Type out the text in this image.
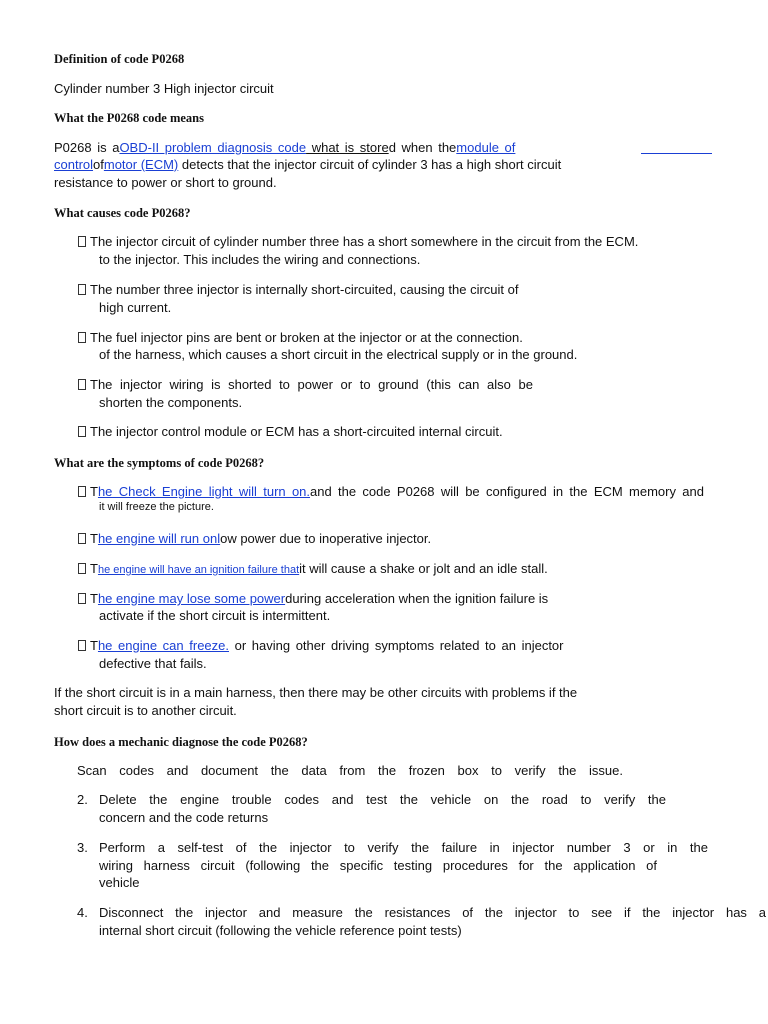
Definition of code P0268
Cylinder number 3 High injector circuit
What the P0268 code means
P0268 is aOBD-II problem diagnosis code what is stored when themodule of
controlofmotor (ECM) detects that the injector circuit of cylinder 3 has a high short circuit
resistance to power or short to ground.
What causes code P0268?
The injector circuit of cylinder number three has a short somewhere in the circuit from the ECM.
to the injector. This includes the wiring and connections.
The number three injector is internally short-circuited, causing the circuit of
high current.
The fuel injector pins are bent or broken at the injector or at the connection.
of the harness, which causes a short circuit in the electrical supply or in the ground.
The injector wiring is shorted to power or to ground (this can also be
shorten the components.
The injector control module or ECM has a short-circuited internal circuit.
What are the symptoms of code P0268?
The Check Engine light will turn on.and the code P0268 will be configured in the ECM memory and
it will freeze the picture.
The engine will run onlow power due to inoperative injector.
The engine will have an ignition failure thatit will cause a shake or jolt and an idle stall.
The engine may lose some powerduring acceleration when the ignition failure is
activate if the short circuit is intermittent.
The engine can freeze. or having other driving symptoms related to an injector
defective that fails.
If the short circuit is in a main harness, then there may be other circuits with problems if the
short circuit is to another circuit.
How does a mechanic diagnose the code P0268?
Scan codes and document the data from the frozen box to verify the issue.
2. Delete the engine trouble codes and test the vehicle on the road to verify the
concern and the code returns
3. Perform a self-test of the injector to verify the failure in injector number 3 or in the
wiring harness circuit (following the specific testing procedures for the application of
vehicle
4. Disconnect the injector and measure the resistances of the injector to see if the injector has a
internal short circuit (following the vehicle reference point tests)
